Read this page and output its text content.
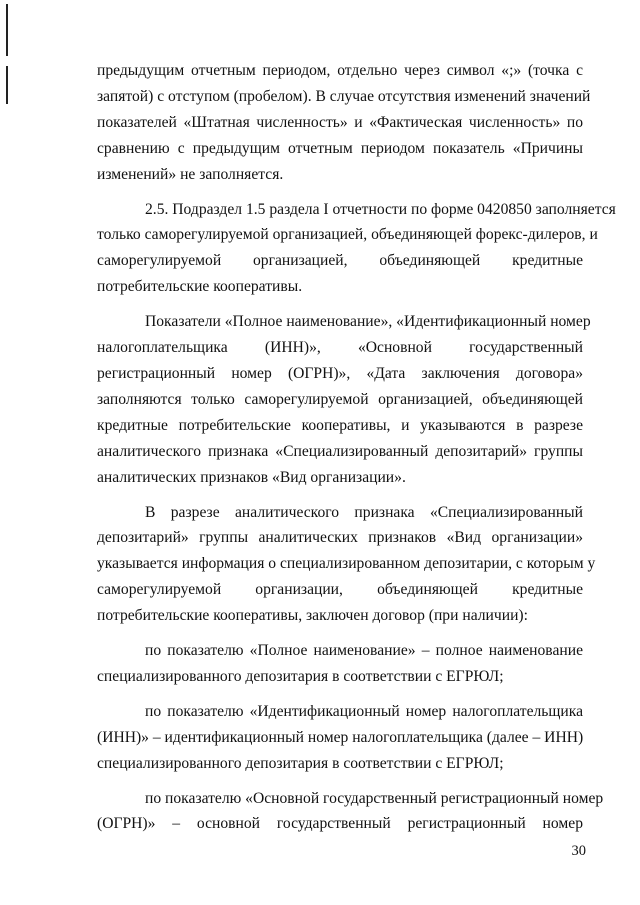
предыдущим отчетным периодом, отдельно через символ «;» (точка с
запятой) с отступом (пробелом). В случае отсутствия изменений значений
показателей «Штатная численность» и «Фактическая численность» по
сравнению с предыдущим отчетным периодом показатель «Причины
изменений» не заполняется.

2.5. Подраздел 1.5 раздела I отчетности по форме 0420850 заполняется
только саморегулируемой организацией, объединяющей форекс-дилеров, и
саморегулируемой организацией, объединяющей кредитные
потребительские кооперативы.

Показатели «Полное наименование», «Идентификационный номер
налогоплательщика (ИНН)», «Основной государственный
регистрационный номер (ОГРН)», «Дата заключения договора»
заполняются только саморегулируемой организацией, объединяющей
кредитные потребительские кооперативы, и указываются в разрезе
аналитического признака «Специализированный депозитарий» группы
аналитических признаков «Вид организации».

В разрезе аналитического признака «Специализированный
депозитарий» группы аналитических признаков «Вид организации»
указывается информация о специализированном депозитарии, с которым у
саморегулируемой организации, объединяющей кредитные
потребительские кооперативы, заключен договор (при наличии):

по показателю «Полное наименование» – полное наименование
специализированного депозитария в соответствии с ЕГРЮЛ;

по показателю «Идентификационный номер налогоплательщика
(ИНН)» – идентификационный номер налогоплательщика (далее – ИНН)
специализированного депозитария в соответствии с ЕГРЮЛ;

по показателю «Основной государственный регистрационный номер
(ОГРН)» – основной государственный регистрационный номер

30
